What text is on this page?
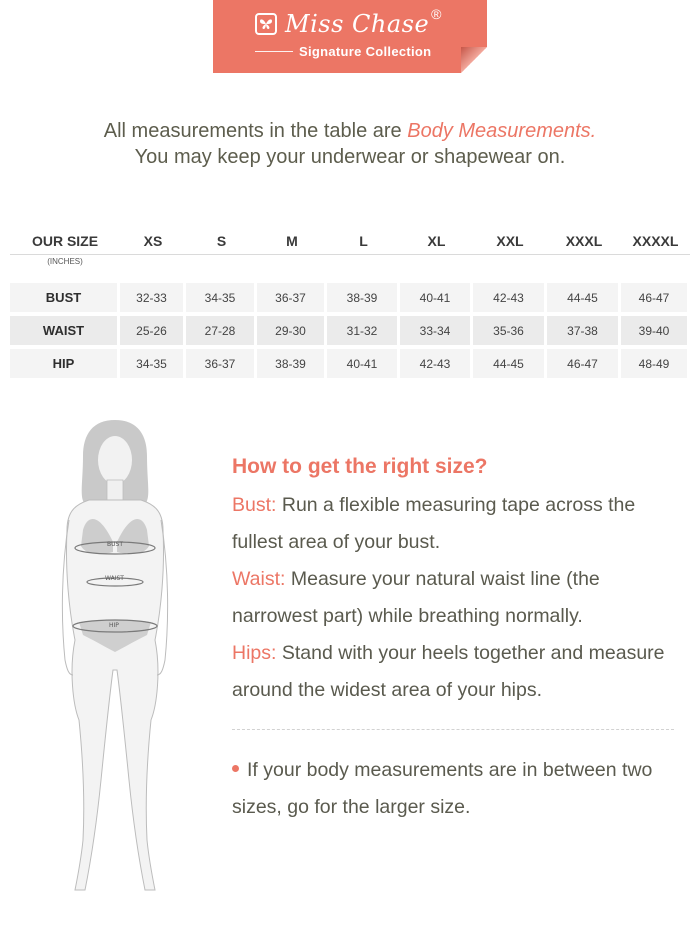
Miss Chase ®
Signature Collection
All measurements in the table are Body Measurements.
You may keep your underwear or shapewear on.
OUR SIZE	XS	S	M	L	XL	XXL	XXXL	XXXXL
(INCHES)
BUST	32-33	34-35	36-37	38-39	40-41	42-43	44-45	46-47
WAIST	25-26	27-28	29-30	31-32	33-34	35-36	37-38	39-40
HIP	34-35	36-37	38-39	40-41	42-43	44-45	46-47	48-49
BUST
WAIST
HIP
How to get the right size?
Bust: Run a flexible measuring tape across the fullest area of your bust.
Waist: Measure your natural waist line (the narrowest part) while breathing normally.
Hips: Stand with your heels together and measure around the widest area of your hips.
If your body measurements are in between two sizes, go for the larger size.
